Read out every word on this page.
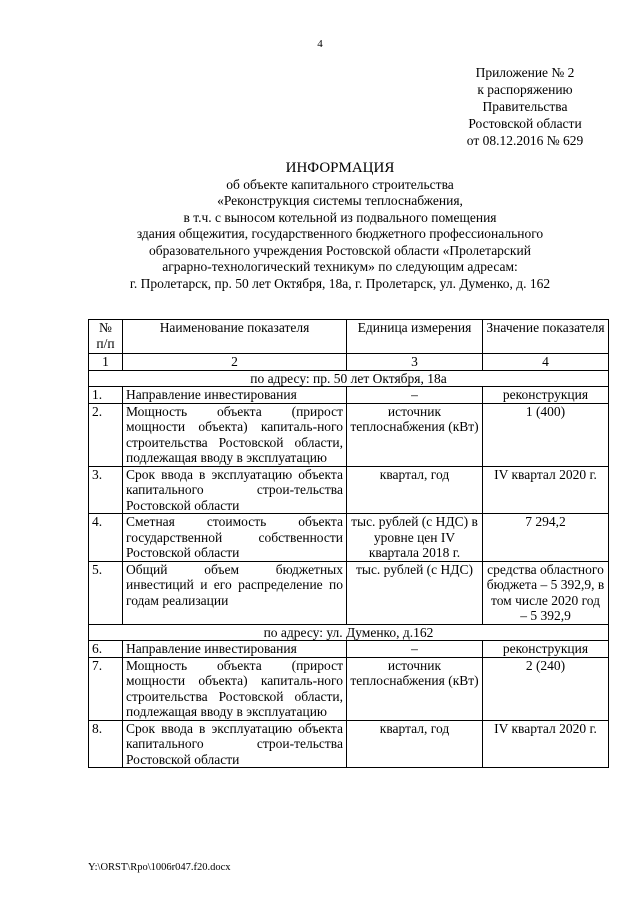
4
Приложение № 2
к распоряжению
Правительства
Ростовской области
от 08.12.2016 № 629
ИНФОРМАЦИЯ
об объекте капитального строительства
«Реконструкция системы теплоснабжения,
в т.ч. с выносом котельной из подвального помещения
здания общежития, государственного бюджетного профессионального
образовательного учреждения Ростовской области «Пролетарский
аграрно-технологический техникум» по следующим адресам:
г. Пролетарск, пр. 50 лет Октября, 18а, г. Пролетарск, ул. Думенко, д. 162
№ п/п	Наименование показателя	Единица измерения	Значение показателя
1	2	3	4
по адресу: пр. 50 лет Октября, 18а			
1.	Направление инвестирования	–	реконструкция
2.	Мощность объекта (прирост мощности объекта) капиталь-ного строительства Ростовской области, подлежащая вводу в эксплуатацию	источник теплоснабжения (кВт)	1 (400)
3.	Срок ввода в эксплуатацию объекта капитального строи-тельства Ростовской области	квартал, год	IV квартал 2020 г.
4.	Сметная стоимость объекта государственной собственности Ростовской области	тыс. рублей (с НДС) в уровне цен IV квартала 2018 г.	7 294,2
5.	Общий объем бюджетных инвестиций и его распределение по годам реализации	тыс. рублей (с НДС)	средства областного бюджета – 5 392,9, в том числе 2020 год – 5 392,9
по адресу: ул. Думенко, д.162			
6.	Направление инвестирования	–	реконструкция
7.	Мощность объекта (прирост мощности объекта) капиталь-ного строительства Ростовской области, подлежащая вводу в эксплуатацию	источник теплоснабжения (кВт)	2 (240)
8.	Срок ввода в эксплуатацию объекта капитального строи-тельства Ростовской области	квартал, год	IV квартал 2020 г.
Y:\ORST\Rpo\1006r047.f20.docx
